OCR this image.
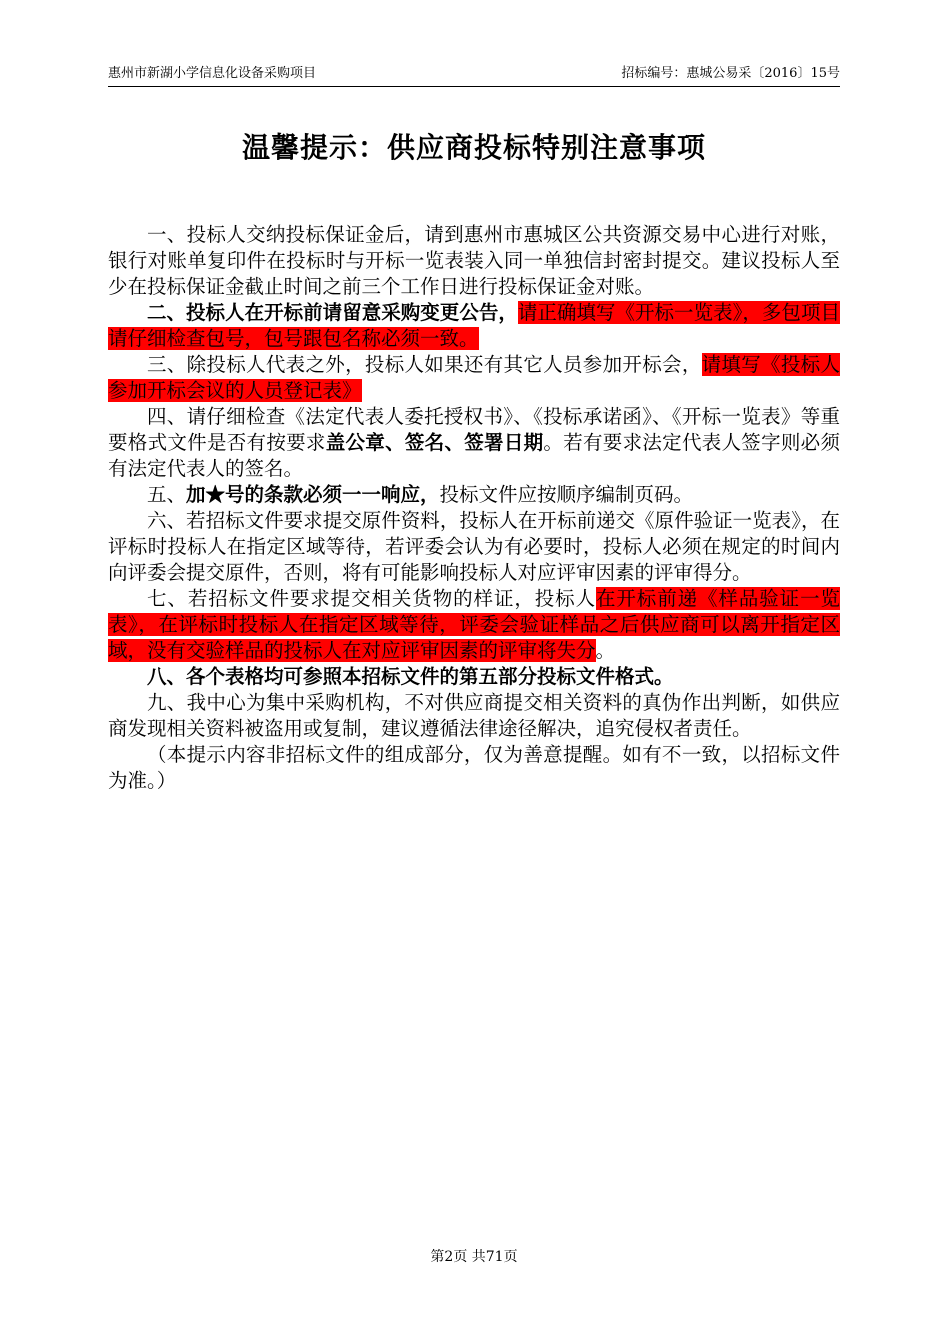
惠州市新湖小学信息化设备采购项目	招标编号：惠城公易采〔2016〕15号
温馨提示：供应商投标特别注意事项

一、投标人交纳投标保证金后，请到惠州市惠城区公共资源交易中心进行对账，银行对账单复印件在投标时与开标一览表装入同一单独信封密封提交。建议投标人至少在投标保证金截止时间之前三个工作日进行投标保证金对账。

二、投标人在开标前请留意采购变更公告，请正确填写《开标一览表》，多包项目请仔细检查包号，包号跟包名称必须一致。

三、除投标人代表之外，投标人如果还有其它人员参加开标会，请填写《投标人参加开标会议的人员登记表》

四、请仔细检查《法定代表人委托授权书》、《投标承诺函》、《开标一览表》等重要格式文件是否有按要求盖公章、签名、签署日期。若有要求法定代表人签字则必须有法定代表人的签名。

五、加★号的条款必须一一响应，投标文件应按顺序编制页码。

六、若招标文件要求提交原件资料，投标人在开标前递交《原件验证一览表》，在评标时投标人在指定区域等待，若评委会认为有必要时，投标人必须在规定的时间内向评委会提交原件，否则，将有可能影响投标人对应评审因素的评审得分。

七、若招标文件要求提交相关货物的样证，投标人在开标前递《样品验证一览表》，在评标时投标人在指定区域等待，评委会验证样品之后供应商可以离开指定区域，没有交验样品的投标人在对应评审因素的评审将失分。

八、各个表格均可参照本招标文件的第五部分投标文件格式。

九、我中心为集中采购机构，不对供应商提交相关资料的真伪作出判断，如供应商发现相关资料被盗用或复制，建议遵循法律途径解决，追究侵权者责任。

（本提示内容非招标文件的组成部分，仅为善意提醒。如有不一致，以招标文件为准。）

第2页 共71页
